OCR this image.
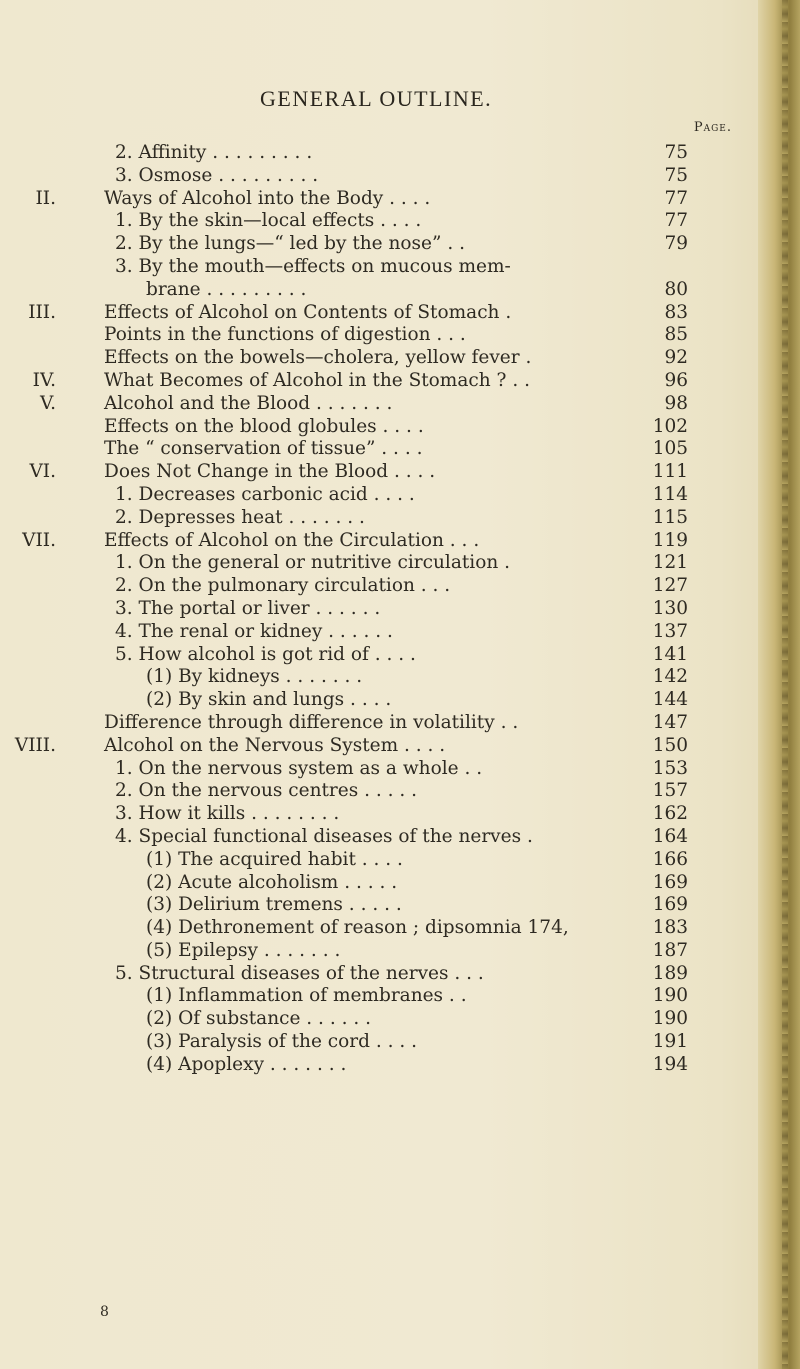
GENERAL OUTLINE.
Page.
2. Affinity . . . . . . . . .	75
3. Osmose . . . . . . . . .	75
II.	Ways of Alcohol into the Body . . . .	77
1. By the skin—local effects . . . .	77
2. By the lungs—“ led by the nose” . .	79
3. By the mouth—effects on mucous mem-
brane . . . . . . . . .	80
III.	Effects of Alcohol on Contents of Stomach .	83
Points in the functions of digestion . . .	85
Effects on the bowels—cholera, yellow fever .	92
IV.	What Becomes of Alcohol in the Stomach ? . .	96
V.	Alcohol and the Blood . . . . . . .	98
Effects on the blood globules . . . .	102
The “ conservation of tissue” . . . .	105
VI.	Does Not Change in the Blood . . . .	111
1. Decreases carbonic acid . . . .	114
2. Depresses heat . . . . . . .	115
VII.	Effects of Alcohol on the Circulation . . .	119
1. On the general or nutritive circulation .	121
2. On the pulmonary circulation . . .	127
3. The portal or liver . . . . . .	130
4. The renal or kidney . . . . . .	137
5. How alcohol is got rid of . . . .	141
(1) By kidneys . . . . . . .	142
(2) By skin and lungs . . . .	144
Difference through difference in volatility . .	147
VIII.	Alcohol on the Nervous System . . . .	150
1. On the nervous system as a whole . .	153
2. On the nervous centres . . . . .	157
3. How it kills . . . . . . . .	162
4. Special functional diseases of the nerves .	164
(1) The acquired habit . . . .	166
(2) Acute alcoholism . . . . .	169
(3) Delirium tremens . . . . .	169
(4) Dethronement of reason ; dipsomnia 174,	183
(5) Epilepsy . . . . . . .	187
5. Structural diseases of the nerves . . .	189
(1) Inflammation of membranes . .	190
(2) Of substance . . . . . .	190
(3) Paralysis of the cord . . . .	191
(4) Apoplexy . . . . . . .	194
8
